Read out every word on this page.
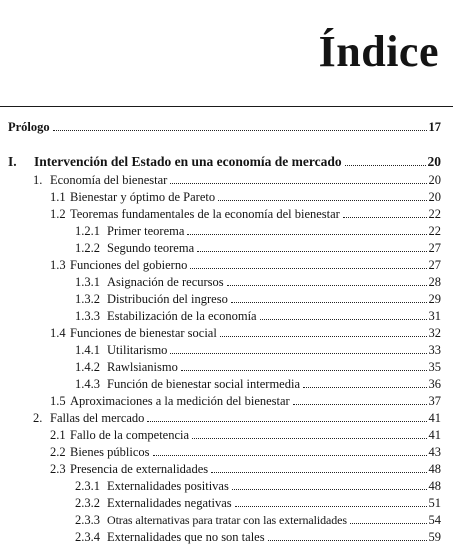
Índice
Prólogo	17
I.	Intervención del Estado en una economía de mercado	20
1. Economía del bienestar	20
1.1 Bienestar y óptimo de Pareto	20
1.2 Teoremas fundamentales de la economía del bienestar	22
1.2.1 Primer teorema	22
1.2.2 Segundo teorema	27
1.3 Funciones del gobierno	27
1.3.1 Asignación de recursos	28
1.3.2 Distribución del ingreso	29
1.3.3 Estabilización de la economía	31
1.4 Funciones de bienestar social	32
1.4.1 Utilitarismo	33
1.4.2 Rawlsianismo	35
1.4.3 Función de bienestar social intermedia	36
1.5 Aproximaciones a la medición del bienestar	37
2. Fallas del mercado	41
2.1 Fallo de la competencia	41
2.2 Bienes públicos	43
2.3 Presencia de externalidades	48
2.3.1 Externalidades positivas	48
2.3.2 Externalidades negativas	51
2.3.3 Otras alternativas para tratar con las externalidades	54
2.3.4 Externalidades que no son tales	59
